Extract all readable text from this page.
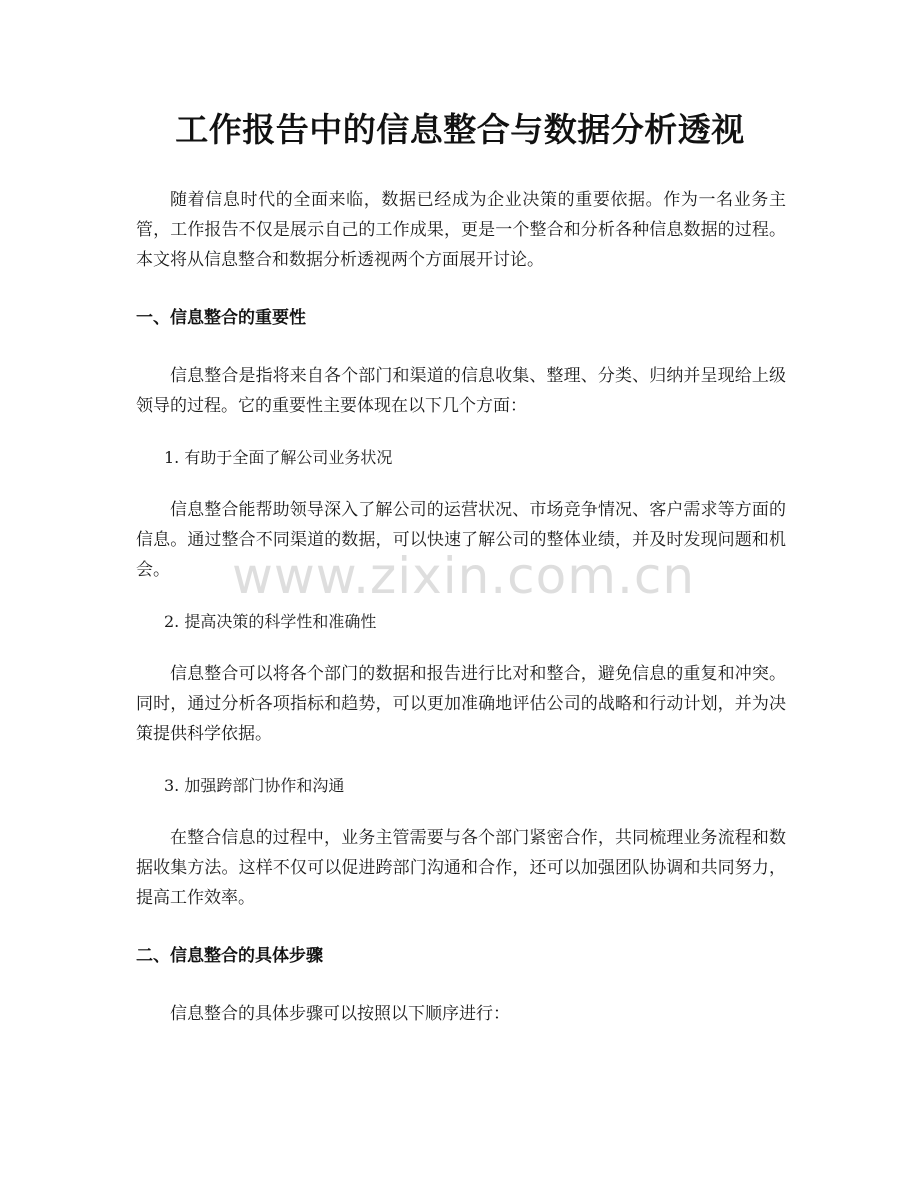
工作报告中的信息整合与数据分析透视

随着信息时代的全面来临，数据已经成为企业决策的重要依据。作为一名业务主管，工作报告不仅是展示自己的工作成果，更是一个整合和分析各种信息数据的过程。本文将从信息整合和数据分析透视两个方面展开讨论。

一、信息整合的重要性

信息整合是指将来自各个部门和渠道的信息收集、整理、分类、归纳并呈现给上级领导的过程。它的重要性主要体现在以下几个方面：

1. 有助于全面了解公司业务状况

信息整合能帮助领导深入了解公司的运营状况、市场竞争情况、客户需求等方面的信息。通过整合不同渠道的数据，可以快速了解公司的整体业绩，并及时发现问题和机会。

2. 提高决策的科学性和准确性

信息整合可以将各个部门的数据和报告进行比对和整合，避免信息的重复和冲突。同时，通过分析各项指标和趋势，可以更加准确地评估公司的战略和行动计划，并为决策提供科学依据。

3. 加强跨部门协作和沟通

在整合信息的过程中，业务主管需要与各个部门紧密合作，共同梳理业务流程和数据收集方法。这样不仅可以促进跨部门沟通和合作，还可以加强团队协调和共同努力，提高工作效率。

二、信息整合的具体步骤

信息整合的具体步骤可以按照以下顺序进行：

www.zixin.com.cn
